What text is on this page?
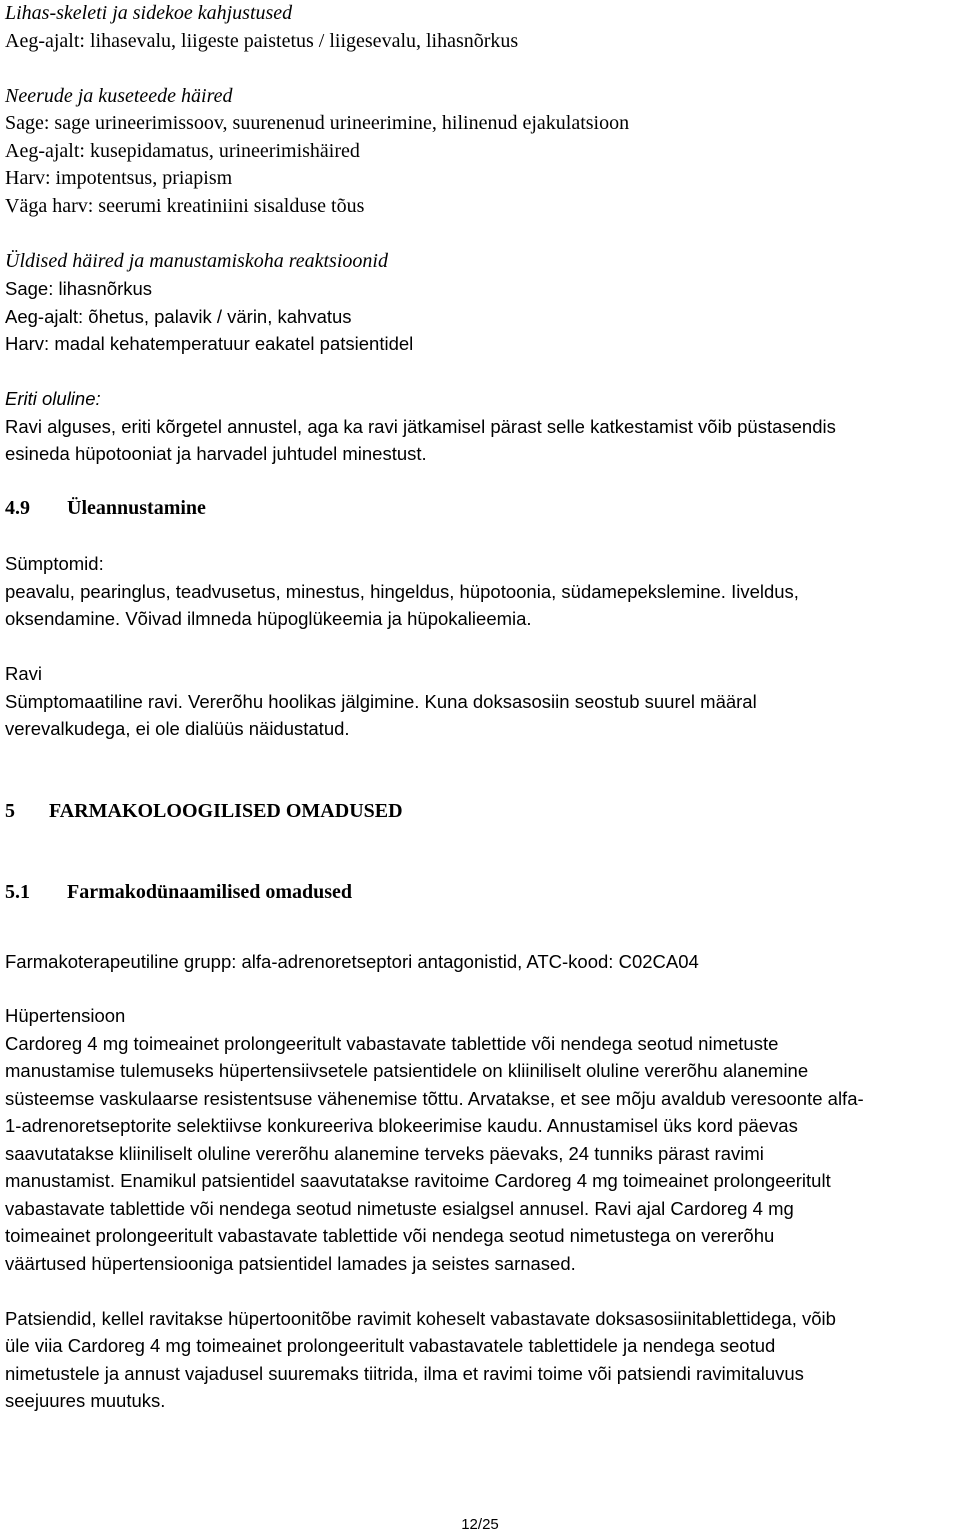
Lihas-skeleti ja sidekoe kahjustused

Aeg-ajalt: lihasevalu, liigeste paistetus / liigesevalu, lihasnõrkus

Neerude ja kuseteede häired

Sage: sage urineerimissoov, suurenenud urineerimine, hilinenud ejakulatsioon

Aeg-ajalt: kusepidamatus, urineerimishäired

Harv: impotentsus, priapism

Väga harv: seerumi kreatiniini sisalduse tõus

Üldised häired ja manustamiskoha reaktsioonid

Sage: lihasnõrkus

Aeg-ajalt: õhetus, palavik / värin, kahvatus

Harv: madal kehatemperatuur eakatel patsientidel

Eriti oluline:

Ravi alguses, eriti kõrgetel annustel, aga ka ravi jätkamisel pärast selle katkestamist võib püstasendis

esineda hüpotooniat ja harvadel juhtudel minestust.

4.9 Üleannustamine

Sümptomid:

peavalu, pearinglus, teadvusetus, minestus, hingeldus, hüpotoonia, südamepekslemine. Iiveldus,

oksendamine. Võivad ilmneda hüpoglükeemia ja hüpokalieemia.

Ravi

Sümptomaatiline ravi. Vererõhu hoolikas jälgimine. Kuna doksasosiin seostub suurel määral

verevalkudega, ei ole dialüüs näidustatud.

5 FARMAKOLOOGILISED OMADUSED

5.1 Farmakodünaamilised omadused

Farmakoterapeutiline grupp: alfa-adrenoretseptori antagonistid, ATC-kood: C02CA04

Hüpertensioon

Cardoreg 4 mg toimeainet prolongeeritult vabastavate tablettide või nendega seotud nimetuste

manustamise tulemuseks hüpertensiivsetele patsientidele on kliiniliselt oluline vererõhu alanemine

süsteemse vaskulaarse resistentsuse vähenemise tõttu. Arvatakse, et see mõju avaldub veresoonte alfa-

1-adrenoretseptorite selektiivse konkureeriva blokeerimise kaudu. Annustamisel üks kord päevas

saavutatakse kliiniliselt oluline vererõhu alanemine terveks päevaks, 24 tunniks pärast ravimi

manustamist. Enamikul patsientidel saavutatakse ravitoime Cardoreg 4 mg toimeainet prolongeeritult

vabastavate tablettide või nendega seotud nimetuste esialgsel annusel. Ravi ajal Cardoreg 4 mg

toimeainet prolongeeritult vabastavate tablettide või nendega seotud nimetustega on vererõhu

väärtused hüpertensiooniga patsientidel lamades ja seistes sarnased.

Patsiendid, kellel ravitakse hüpertoonitõbe ravimit koheselt vabastavate doksasosiinitablettidega, võib

üle viia Cardoreg 4 mg toimeainet prolongeeritult vabastavatele tablettidele ja nendega seotud

nimetustele ja annust vajadusel suuremaks tiitrida, ilma et ravimi toime või patsiendi ravimitaluvus

seejuures muutuks.

12/25
